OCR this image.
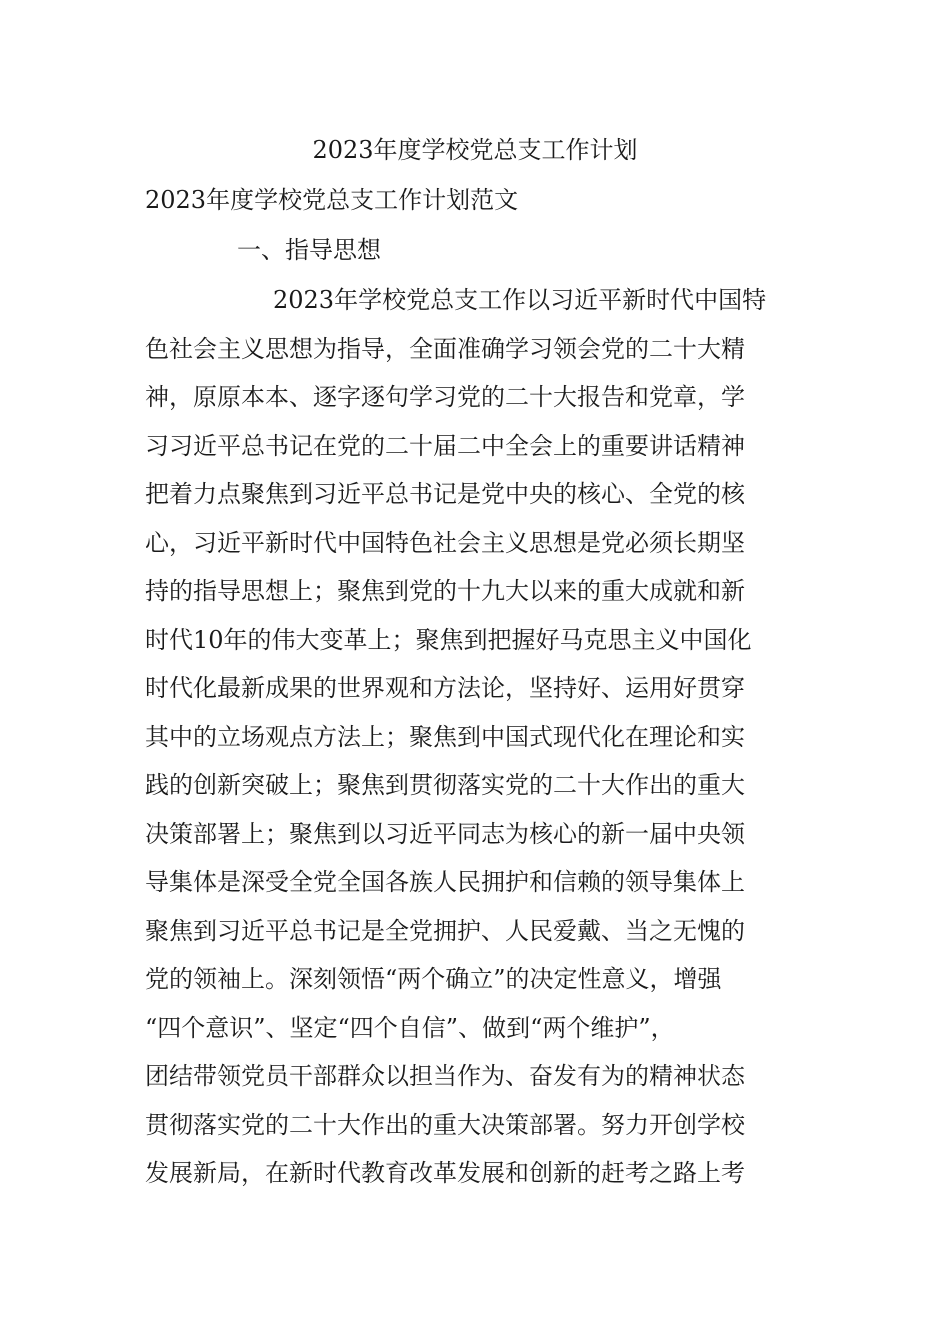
2023年度学校党总支工作计划
2023年度学校党总支工作计划范文
一、指导思想
2023年学校党总支工作以习近平新时代中国特
色社会主义思想为指导，全面准确学习领会党的二十大精
神，原原本本、逐字逐句学习党的二十大报告和党章，学
习习近平总书记在党的二十届二中全会上的重要讲话精神
把着力点聚焦到习近平总书记是党中央的核心、全党的核
心，习近平新时代中国特色社会主义思想是党必须长期坚
持的指导思想上；聚焦到党的十九大以来的重大成就和新
时代10年的伟大变革上；聚焦到把握好马克思主义中国化
时代化最新成果的世界观和方法论，坚持好、运用好贯穿
其中的立场观点方法上；聚焦到中国式现代化在理论和实
践的创新突破上；聚焦到贯彻落实党的二十大作出的重大
决策部署上；聚焦到以习近平同志为核心的新一届中央领
导集体是深受全党全国各族人民拥护和信赖的领导集体上
聚焦到习近平总书记是全党拥护、人民爱戴、当之无愧的
党的领袖上。深刻领悟“两个确立”的决定性意义，增强
“四个意识”、坚定“四个自信”、做到“两个维护”，
团结带领党员干部群众以担当作为、奋发有为的精神状态
贯彻落实党的二十大作出的重大决策部署。努力开创学校
发展新局，在新时代教育改革发展和创新的赶考之路上考
